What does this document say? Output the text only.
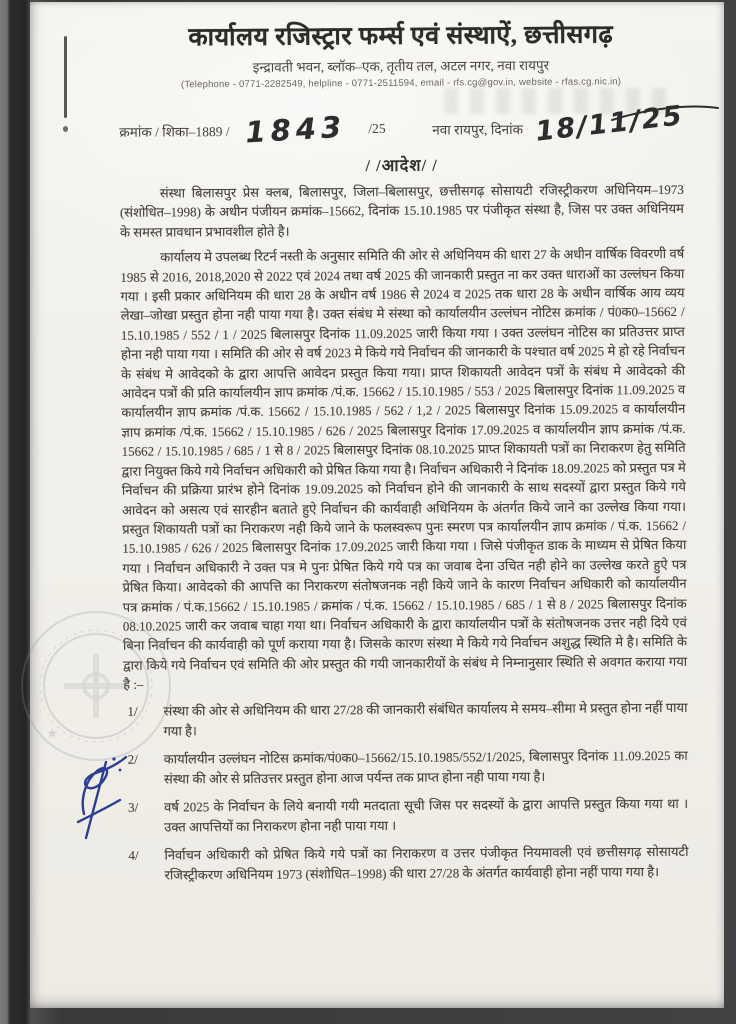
कार्यालय रजिस्ट्रार फर्म्स एवं संस्थाऐं, छत्तीसगढ़
इन्द्रावती भवन, ब्लॉक–एक, तृतीय तल, अटल नगर, नवा रायपुर
(Telephone - 0771-2282549, helpline - 0771-2511594, email - rfs.cg@gov.in, website - rfas.cg.nic.in)
क्रमांक / शिका–1889 / 1843 /25	नवा रायपुर, दिनांक 18/11/25
/ /आदेश/ /

संस्था बिलासपुर प्रेस क्लब, बिलासपुर, जिला–बिलासपुर, छत्तीसगढ़ सोसायटी रजिस्ट्रीकरण अधिनियम–1973 (संशोधित–1998) के अधीन पंजीयन क्रमांक–15662, दिनांक 15.10.1985 पर पंजीकृत संस्था है, जिस पर उक्त अधिनियम के समस्त प्रावधान प्रभावशील होते है।

कार्यालय मे उपलब्ध रिटर्न नस्ती के अनुसार समिति की ओर से अधिनियम की धारा 27 के अधीन वार्षिक विवरणी वर्ष 1985 से 2016, 2018,2020 से 2022 एवं 2024 तथा वर्ष 2025 की जानकारी प्रस्तुत ना कर उक्त धाराओं का उल्लंघन किया गया । इसी प्रकार अधिनियम की धारा 28 के अधीन वर्ष 1986 से 2024 व 2025 तक धारा 28 के अधीन वार्षिक आय व्यय लेखा–जोखा प्रस्तुत होना नही पाया गया है। उक्त संबंध मे संस्था को कार्यालयीन उल्लंघन नोटिस क्रमांक / पं0क0–15662 / 15.10.1985 / 552 / 1 / 2025 बिलासपुर दिनांक 11.09.2025 जारी किया गया । उक्त उल्लंघन नोटिस का प्रतिउत्तर प्राप्त होना नही पाया गया । समिति की ओर से वर्ष 2023 मे किये गये निर्वाचन की जानकारी के पश्चात वर्ष 2025 मे हो रहे निर्वाचन के संबंध मे आवेदको के द्वारा आपत्ति आवेदन प्रस्तुत किया गया। प्राप्त शिकायती आवेदन पत्रों के संबंध मे आवेदको की आवेदन पत्रों की प्रति कार्यालयीन ज्ञाप क्रमांक /पं.क. 15662 / 15.10.1985 / 553 / 2025 बिलासपुर दिनांक 11.09.2025 व कार्यालयीन ज्ञाप क्रमांक /पं.क. 15662 / 15.10.1985 / 562 / 1,2 / 2025 बिलासपुर दिनांक 15.09.2025 व कार्यालयीन ज्ञाप क्रमांक /पं.क. 15662 / 15.10.1985 / 626 / 2025 बिलासपुर दिनांक 17.09.2025 व कार्यालयीन ज्ञाप क्रमांक /पं.क. 15662 / 15.10.1985 / 685 / 1 से 8 / 2025 बिलासपुर दिनांक 08.10.2025 प्राप्त शिकायती पत्रों का निराकरण हेतु समिति द्वारा नियुक्त किये गये निर्वाचन अधिकारी को प्रेषित किया गया है। निर्वाचन अधिकारी ने दिनांक 18.09.2025 को प्रस्तुत पत्र मे निर्वाचन की प्रक्रिया प्रारंभ होने दिनांक 19.09.2025 को निर्वाचन होने की जानकारी के साथ सदस्यों द्वारा प्रस्तुत किये गये आवेदन को असत्य एवं सारहीन बताते हुऐ निर्वाचन की कार्यवाही अधिनियम के अंतर्गत किये जाने का उल्लेख किया गया। प्रस्तुत शिकायती पत्रों का निराकरण नही किये जाने के फलस्वरूप पुनः स्मरण पत्र कार्यालयीन ज्ञाप क्रमांक / पं.क. 15662 / 15.10.1985 / 626 / 2025 बिलासपुर दिनांक 17.09.2025 जारी किया गया । जिसे पंजीकृत डाक के माध्यम से प्रेषित किया गया । निर्वाचन अधिकारी ने उक्त पत्र मे पुनः प्रेषित किये गये पत्र का जवाब देना उचित नही होने का उल्लेख करते हुऐ पत्र प्रेषित किया। आवेदको की आपत्ति का निराकरण संतोषजनक नही किये जाने के कारण निर्वाचन अधिकारी को कार्यालयीन पत्र क्रमांक / पं.क.15662 / 15.10.1985 / क्रमांक / पं.क. 15662 / 15.10.1985 / 685 / 1 से 8 / 2025 बिलासपुर दिनांक 08.10.2025 जारी कर जवाब चाहा गया था। निर्वाचन अधिकारी के द्वारा कार्यालयीन पत्रों के संतोषजनक उत्तर नही दिये एवं बिना निर्वाचन की कार्यवाही को पूर्ण कराया गया है। जिसके कारण संस्था मे किये गये निर्वाचन अशुद्ध स्थिति मे है। समिति के द्वारा किये गये निर्वाचन एवं समिति की ओर प्रस्तुत की गयी जानकारीयों के संबंध मे निम्नानुसार स्थिति से अवगत कराया गया है :–

1/ संस्था की ओर से अधिनियम की धारा 27/28 की जानकारी संबंधित कार्यालय मे समय–सीमा मे प्रस्तुत होना नहीं पाया गया है।
2/ कार्यालयीन उल्लंघन नोटिस क्रमांक/पं0क0–15662/15.10.1985/552/1/2025, बिलासपुर दिनांक 11.09.2025 का संस्था की ओर से प्रतिउत्तर प्रस्तुत होना आज पर्यन्त तक प्राप्त होना नही पाया गया है।
3/ वर्ष 2025 के निर्वाचन के लिये बनायी गयी मतदाता सूची जिस पर सदस्यों के द्वारा आपत्ति प्रस्तुत किया गया था । उक्त आपत्तियों का निराकरण होना नही पाया गया ।
4/ निर्वाचन अधिकारी को प्रेषित किये गये पत्रों का निराकरण व उत्तर पंजीकृत नियमावली एवं छत्तीसगढ़ सोसायटी रजिस्ट्रीकरण अधिनियम 1973 (संशोधित–1998) की धारा 27/28 के अंतर्गत कार्यवाही होना नहीं पाया गया है।
★
